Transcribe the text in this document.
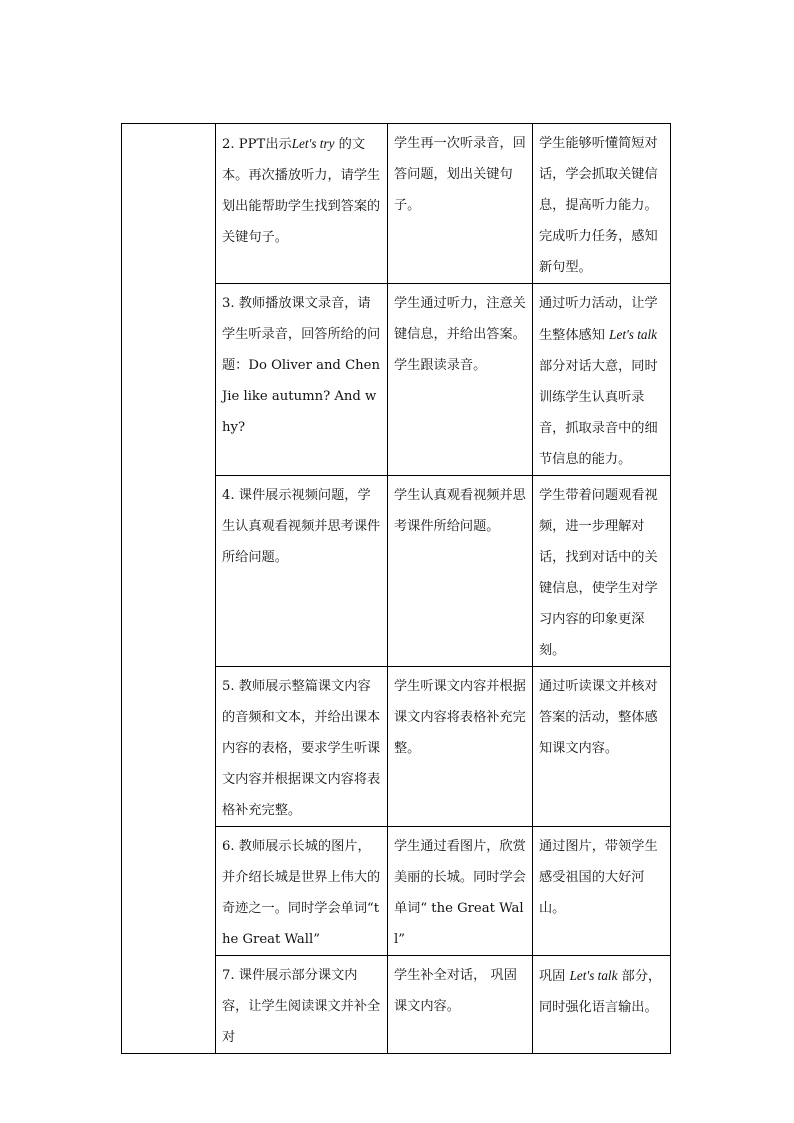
	2. PPT出示Let's try 的文本。再次播放听力，请学生划出能帮助学生找到答案的关键句子。	学生再一次听录音，回答问题，划出关键句子。	学生能够听懂简短对话，学会抓取关键信息，提高听力能力。完成听力任务，感知新句型。
	3. 教师播放课文录音，请学生听录音，回答所给的问题：Do Oliver and Chen Jie like autumn? And why?	学生通过听力，注意关键信息，并给出答案。学生跟读录音。	通过听力活动，让学生整体感知 Let's talk部分对话大意，同时训练学生认真听录音，抓取录音中的细节信息的能力。
	4. 课件展示视频问题，学生认真观看视频并思考课件所给问题。	学生认真观看视频并思考课件所给问题。	学生带着问题观看视频，进一步理解对话，找到对话中的关键信息，使学生对学习内容的印象更深刻。
	5. 教师展示整篇课文内容的音频和文本，并给出课本内容的表格，要求学生听课文内容并根据课文内容将表格补充完整。	学生听课文内容并根据课文内容将表格补充完整。	通过听读课文并核对答案的活动，整体感知课文内容。
	6. 教师展示长城的图片，并介绍长城是世界上伟大的奇迹之一。同时学会单词“the Great Wall”	学生通过看图片，欣赏美丽的长城。同时学会单词“ the Great Wall”	通过图片，带领学生感受祖国的大好河山。
	7. 课件展示部分课文内容，让学生阅读课文并补全对	学生补全对话， 巩固课文内容。	巩固 Let's talk 部分，同时强化语言输出。
